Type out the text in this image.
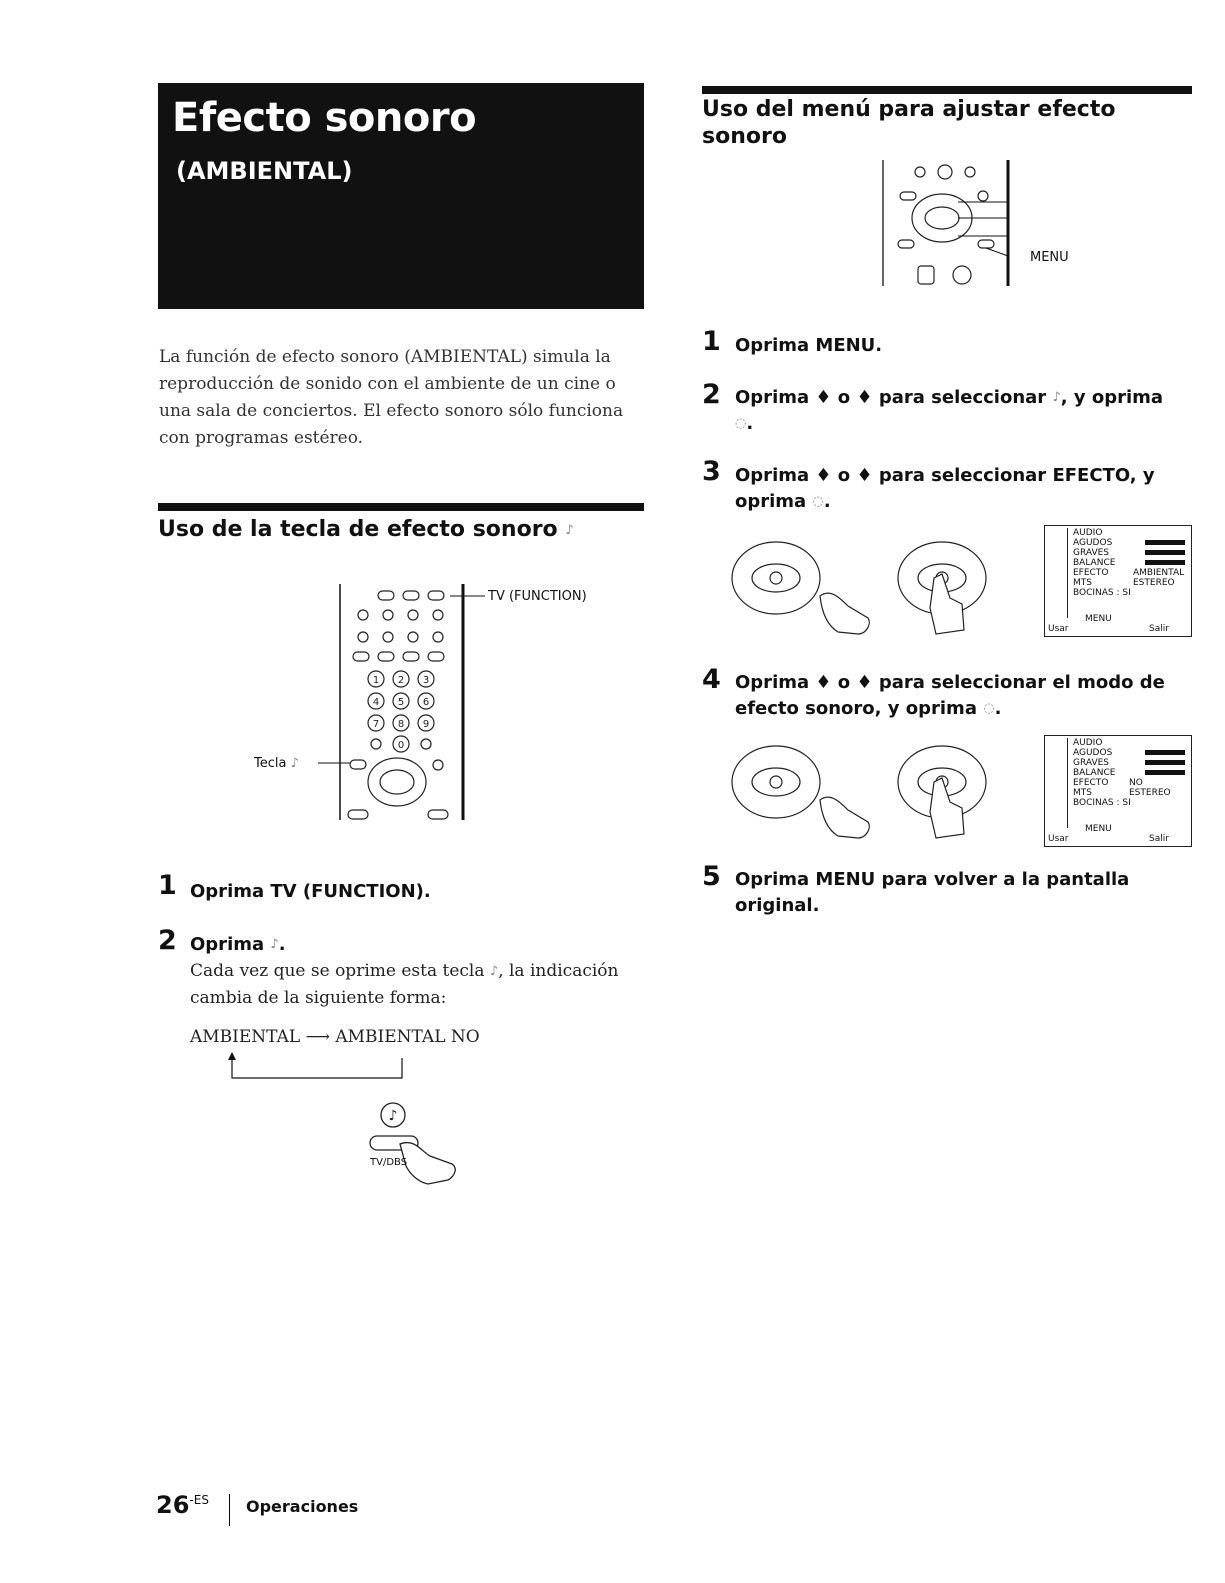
Efecto sonoro
(AMBIENTAL)
La función de efecto sonoro (AMBIENTAL) simula la reproducción de sonido con el ambiente de un cine o una sala de conciertos. El efecto sonoro sólo funciona con programas estéreo.
Uso de la tecla de efecto sonoro ♪
1 2 3
4 5 6
7 8 9
0
TV (FUNCTION)
Tecla ♪
1 Oprima TV (FUNCTION).
2 Oprima ♪.
Cada vez que se oprime esta tecla ♪, la indicación cambia de la siguiente forma:
AMBIENTAL ⟶ AMBIENTAL NO
♪
TV/DBS
Uso del menú para ajustar efecto sonoro
MENU
1 Oprima MENU.
2 Oprima ♦ o ♦ para seleccionar ♪, y oprima
◌.
3 Oprima ♦ o ♦ para seleccionar EFECTO, y oprima ◌.
AUDIO
AGUDOS
GRAVES
BALANCE
EFECTO
MTS
BOCINAS : SI
AMBIENTAL
ESTEREO
MENU
Usar	Salir
4 Oprima ♦ o ♦ para seleccionar el modo de efecto sonoro, y oprima ◌.
AUDIO
AGUDOS
GRAVES
BALANCE
EFECTO
MTS
BOCINAS : SI
NO
ESTEREO
MENU
Usar	Salir
5 Oprima MENU para volver a la pantalla original.
$26^{-ES}$ Operaciones
